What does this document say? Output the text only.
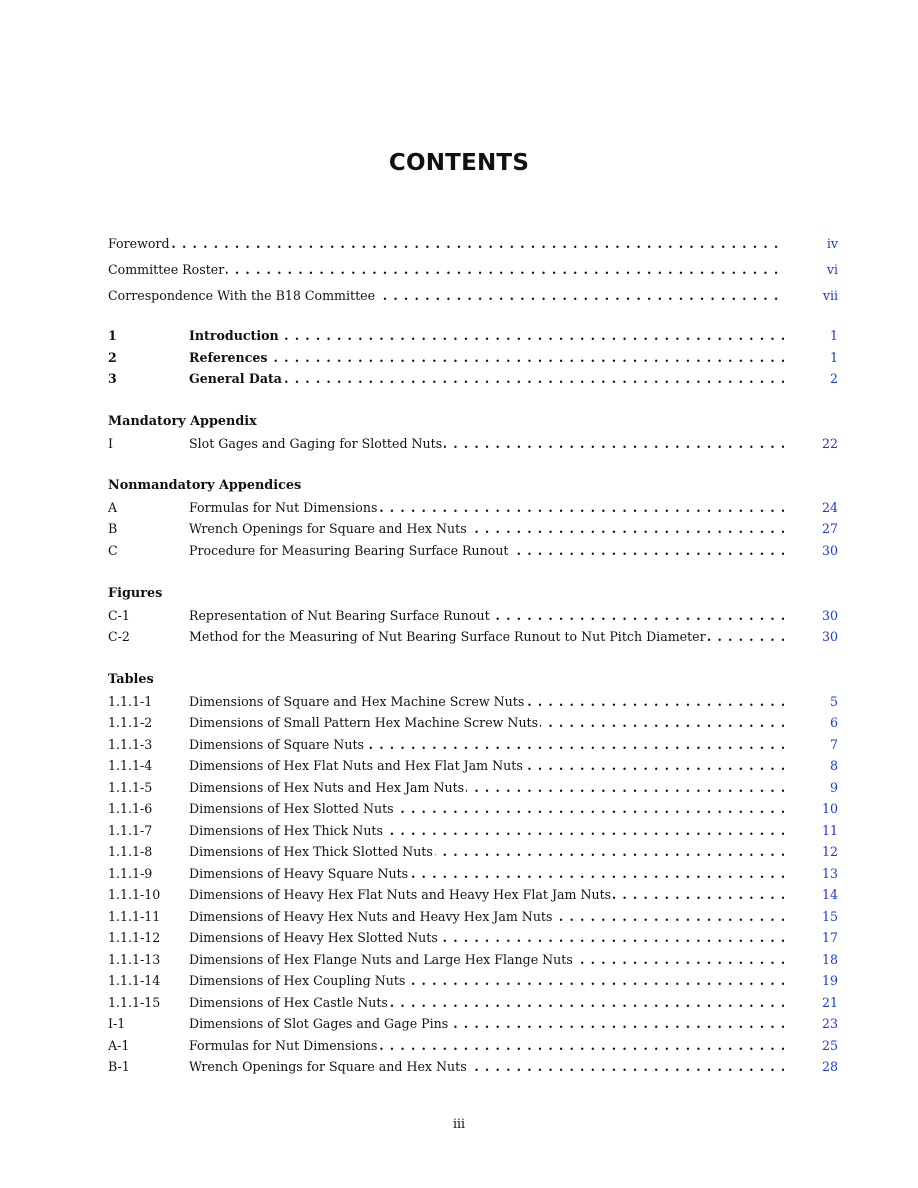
CONTENTS
Foreword . . .	iv
Committee Roster . . .	vi
Correspondence With the B18 Committee . . .	vii
1	Introduction . . .	1
2	References . . .	1
3	General Data . . .	2
Mandatory Appendix
I	Slot Gages and Gaging for Slotted Nuts . . .	22
Nonmandatory Appendices
A	Formulas for Nut Dimensions . . .	24
B	Wrench Openings for Square and Hex Nuts . . .	27
C	Procedure for Measuring Bearing Surface Runout . . .	30
Figures
C-1	Representation of Nut Bearing Surface Runout . . .	30
C-2	Method for the Measuring of Nut Bearing Surface Runout to Nut Pitch Diameter . . .	30
Tables
1.1.1-1	Dimensions of Square and Hex Machine Screw Nuts . . .	5
1.1.1-2	Dimensions of Small Pattern Hex Machine Screw Nuts . . .	6
1.1.1-3	Dimensions of Square Nuts . . .	7
1.1.1-4	Dimensions of Hex Flat Nuts and Hex Flat Jam Nuts . . .	8
1.1.1-5	Dimensions of Hex Nuts and Hex Jam Nuts . . .	9
1.1.1-6	Dimensions of Hex Slotted Nuts . . .	10
1.1.1-7	Dimensions of Hex Thick Nuts . . .	11
1.1.1-8	Dimensions of Hex Thick Slotted Nuts . . .	12
1.1.1-9	Dimensions of Heavy Square Nuts . . .	13
1.1.1-10 Dimensions of Heavy Hex Flat Nuts and Heavy Hex Flat Jam Nuts . . .	14
1.1.1-11 Dimensions of Heavy Hex Nuts and Heavy Hex Jam Nuts . . .	15
1.1.1-12 Dimensions of Heavy Hex Slotted Nuts . . .	17
1.1.1-13 Dimensions of Hex Flange Nuts and Large Hex Flange Nuts . . .	18
1.1.1-14 Dimensions of Hex Coupling Nuts . . .	19
1.1.1-15 Dimensions of Hex Castle Nuts . . .	21
I-1	Dimensions of Slot Gages and Gage Pins . . .	23
A-1	Formulas for Nut Dimensions . . .	25
B-1	Wrench Openings for Square and Hex Nuts . . .	28
iii
